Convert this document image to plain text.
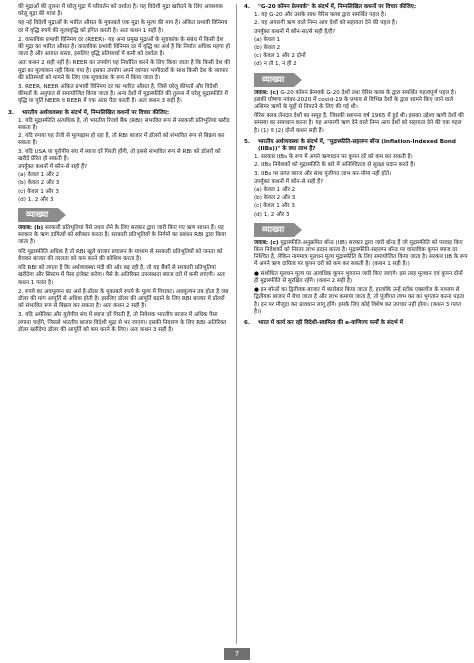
की मुद्राओं की तुलना में घरेलू मुद्रा में परिवर्तन को दर्शाता है। यह विदेशी मुद्रा खरीदने के लिए आवश्यक घरेलू मुद्रा की मात्रा है।

यह नई विदेशी मुद्राओं के भारित औसत के मुकाबले एक मुद्रा के मूल्य की माप है। अंकित प्रभावी विनिमय दर में वृद्धि रुपये की मूल्यवृद्धि को इंगित करती है। अतः कथन 1 सही है।

2. वास्तविक प्रभावी विनिमय दर (REER)- यह अन्य प्रमुख मुद्राओं के सूचकांक के संबंध में किसी देश की मुद्रा का भारित औसत है। वास्तविक प्रभावी विनिमय दर में वृद्धि का अर्थ है कि निर्यात अधिक महंगा हो जाता है और आयात सस्ता, इसलिए वृद्धि प्रतिस्पर्धा में कमी को दर्शाता है।

अतः कथन 2 सही नहीं है। REER का उपयोग यह निर्धारित करने के लिए किया जाता है कि किसी देश की मुद्रा का मूल्यांकन नहीं किया गया है। इसका उपयोग अपने व्यापार भागीदारों के साथ किसी देश के व्यापार की प्रतिस्पर्धा को मापने के लिए एक सूचकांक के रूप में किया जाता है।

3. REER, NEER अंकित प्रभावी विनिमय दर का भारित औसत है, जिसे घरेलू कीमतों और विदेशी कीमतों के अनुपात से समायोजित किया जाता है। अन्य देशों में मुद्रास्फीति की तुलना में घरेलू मुद्रास्फीति में वृद्धि या पूर्ति NEER व REER में एक अंतर पैदा करती है। अतः कथन 3 सही है।

3.	भारतीय अर्थव्यवस्था के संदर्भ में, निम्नलिखित कथनों पर विचार कीजिए:

1. यदि मुद्रास्फीति अत्यधिक है, तो भारतीय रिजर्व बैंक (RBI) संभावित रूप से सरकारी प्रतिभूतियां खरीद सकता है।

2. यदि रुपया यह तेजी से मूल्यह्रास हो रहा है, तो RBI बाजार में डॉलरों को संभावित रूप से बिक्रय कर सकता है।

3. यदि USA या यूरोपीय संघ में ब्याज दरें गिरती होंगी, तो इससे संभावित रूप से RBI को डॉलरों को खरीदे प्रेरित हो सकती है।

उपर्युक्त कथनों में कौन-से सही हैं?

(a) केवल 1 और 2

(b) केवल 2 और 3

(c) केवल 1 और 3

(d) 1, 2 और 3

व्याख्या

जवाब: (b) सरकारी प्रतिभूतियां पैसे उधार लेने के लिए सरकार द्वारा जारी किए गए ऋण साधन हैं। यह सरकार के ऋण दायित्वों को स्वीकार करता है। सरकारी प्रतिभूतियों के निर्गमों का प्रबंधन RBI द्वारा किया जाता है।

यदि मुद्रास्फीति अधिक है तो RBI खुले बाजार प्रचालन के माध्यम से सरकारी प्रतिभूतियों को जनता को बेचकर बाजार की तरलता को कम करने की कोशिश करता है।

यदि RBI को लगता है कि अर्थव्यवस्था मंदी की ओर बढ़ रही है, तो यह बैंकों से सरकारी प्रतिभूतियां खरीदेगा और सिस्टम में पैसा इंजेक्ट करेगा। पैसे के अतिरिक्त उपलब्धता ब्याज दरों में कमी लाएगी। अतः कथन 1 गलत है।

2. रुपये का अवमूल्यन का अर्थ है-डॉलर के मुकाबले रुपये के मूल्य में गिरावट। अवमूल्यन तब होता है जब डॉलर की मांग आपूर्ति से अधिक होती है। इसलिए डॉलर की आपूर्ति बढ़ाने के लिए RBI बाजार में डॉलरों को संभावित रूप से बिक्रय कर सकता है। अतः कथन 2 सही है।

3. यदि अमेरिका और यूरोपीय संघ में ब्याज दरें गिरती हैं, तो निवेशक भारतीय बाजार में अधिक पैसा लगाना चाहेंगे, जिससे भारतीय बाजार विदेशी मुद्रा से भर जाएगा। इसकी निवारण के लिए RBI अतिरिक्त डॉलर खरीदेगा डॉलर की आपूर्ति को कम करने के लिए। अतः कथन 3 सही है।

4.	"G-20 कॉमन फ्रेमवर्क" के संदर्भ में, निम्नलिखित कथनों पर विचार कीजिए:

1. यह G-20 और उसके साथ पेरिस क्लब द्वारा समर्थित पहल है।

2. यह अपारगी ऋण वाले निम्न आय देशों को सहायता देने की पहल है।

उपर्युक्त कथनों में कौन-सा/से सही है/हैं?

(a) केवल 1

(b) केवल 2

(c) केवल 1 और 2 दोनों

(d) न तो 1, न ही 2

व्याख्या

जवाब: (c) G-20 कॉमन फ्रेमवर्क G-20 देशों तथा पेरिस क्लब के द्वारा समर्थित महत्वपूर्ण पहल है। इसकी घोषणा नवंबर-2020 में covid-19 के प्रभाव से विभिन्न देशों के द्वारा सामने किए जाने वाले असिमर ऋणों के मुद्दों से निपटने के लिए की गई थी।

पेरिस क्लब लेनदार देशों का समूह है, जिसकी स्थापना वर्ष 1965 में हुई थी। इसका उद्देश्य ऋणी देशों की समस्या का समाधान करना है। यह अपारगी ऋण देने वाले निम्न आय देशों को सहायता देने की एक पहल है। (1) व (2) दोनों कथन सही हैं।

5.	भारतीय अर्थव्यवस्था के संदर्भ में, "मुद्रास्फीति-सहलग्न बॉन्ड (Inflation-Indexed Bond (IIBs))" के क्या लाभ हैं?

1. सरकार IIBs के रूप में अपने ऋणादान पर कूपन दरें को कम कर सकती है।

2. IIBs निवेशकों को मुद्रास्फीति के बारे में अनिश्चितता से सुरक्षा प्रदान करते हैं।

3. IIBs पर प्राप्त ब्याज और साथ पूंजीगत लाभ कर-योग्य नहीं होते।

उपर्युक्त कथनों में कौन-से सही हैं?

(a) केवल 1 और 2

(b) केवल 2 और 3

(c) केवल 1 और 3

(d) 1, 2 और 3

व्याख्या

जवाब: (c) मुद्रास्फीति-अनुक्रमित बॉन्ड (IIB) सरकार द्वारा जारी बॉन्ड हैं जो मुद्रास्फीति को परवाह किए बिना निवेशकों को निरंतर लाभ प्रदान करता है। मुद्रास्फीति-सहलग्न बॉन्ड पर वास्तविक कूपन ब्याज दर निश्चित है, लेकिन नाममात्र मूलधन मूल्य मुद्रास्फीति के लिए समायोजित किया जाता है। सरकार IIB के रूप में अपने ऋण दायित्व पर कूपन दरों को कम कर सकती है। (कथन 1 सही है।)

● संशोधित मूलधन मूल्य पर आवधिक कूपन भुगतान जारी किए जाएंगे। इस तरह मूलधन एवं कूपन दोनों ही मुद्रास्फीति से सुरक्षित रहेंगे। (कथन 2 सही है)

● इन बॉन्डों का द्वितीयक बाजार में कारोबार किया जाता है, हालांकि उन्हें स्टॉक एक्सचेंज के माध्यम से द्वितीयक बाजार में बेचा जाता है और लाभ कमाया जाता है, तो पूंजीगत लाभ कर का भुगतान करना पड़ता है। इन पर मौजूदा कर प्रावधान लागू होंगे। इसके लिए कोई विशेष कर उपचार नहीं होगा। (कथन 3 गलत है।)

6.	भारत में कार्य कर रही विदेशी-स्वामित्व की e-वाणिज्य फर्मों के संदर्भ में
7
